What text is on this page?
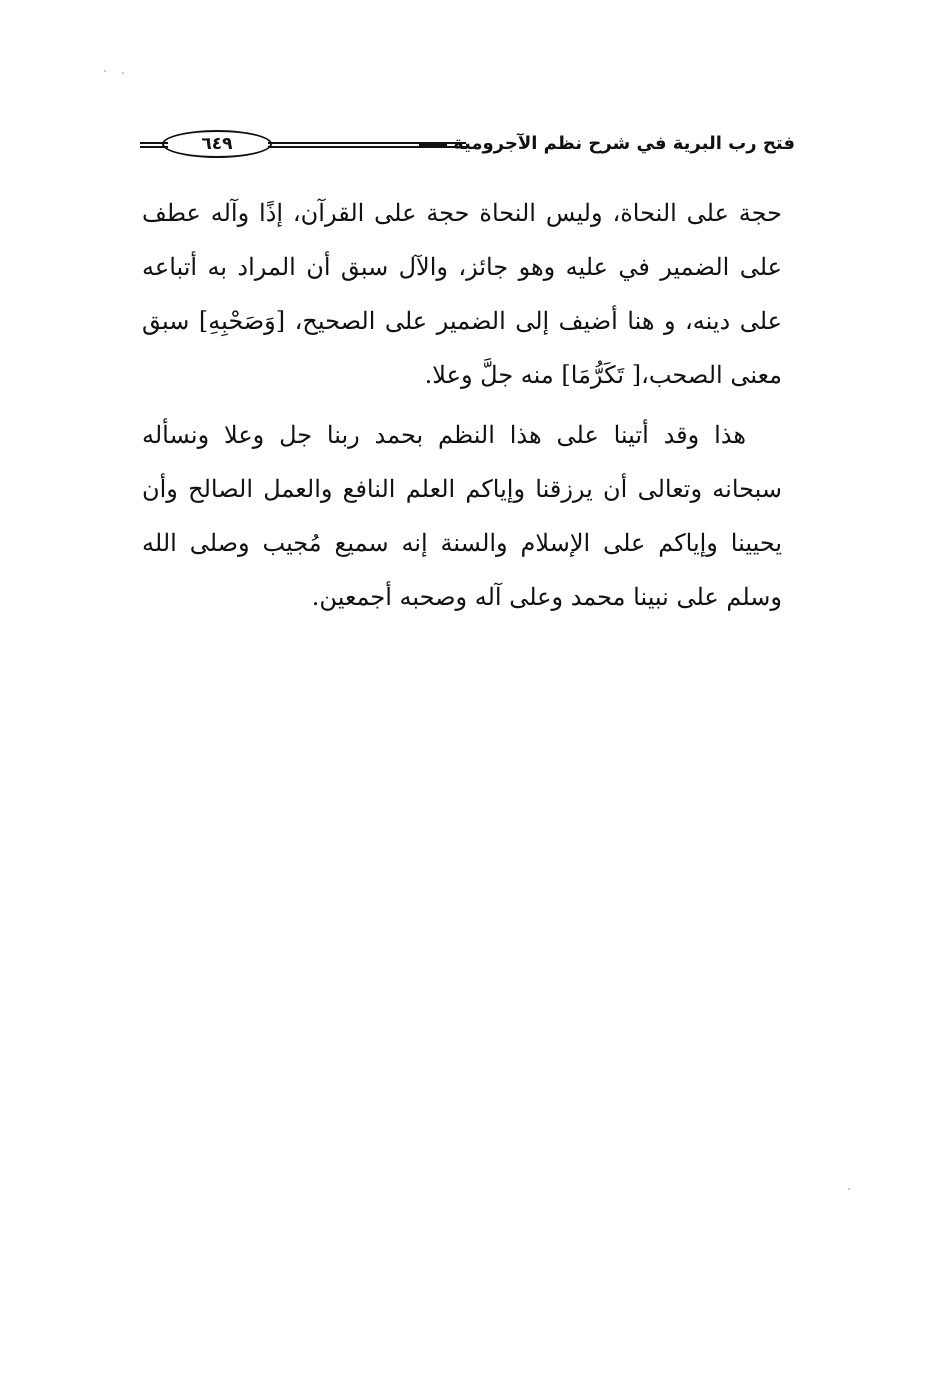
٦٤٩	فتح رب البرية في شرح نظم الآجرومية

حجة على النحاة، وليس النحاة حجة على القرآن، إذًا وآله عطف على الضمير في عليه وهو جائز، والآل سبق أن المراد به أتباعه على دينه، و هنا أضيف إلى الضمير على الصحيح، [وَصَحْبِهِ] سبق معنى الصحب،[ تَكَرُّمَا] منه جلَّ وعلا.

هذا وقد أتينا على هذا النظم بحمد ربنا جل وعلا ونسأله سبحانه وتعالى أن يرزقنا وإياكم العلم النافع والعمل الصالح وأن يحيينا وإياكم على الإسلام والسنة إنه سميع مُجيب وصلى الله وسلم على نبينا محمد وعلى آله وصحبه أجمعين.
